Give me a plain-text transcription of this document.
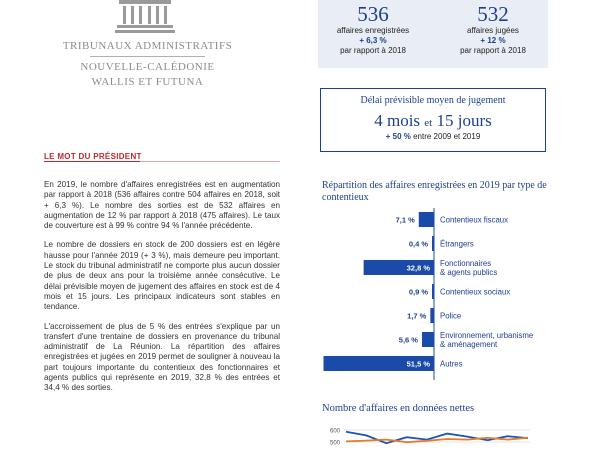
TRIBUNAUX ADMINISTRATIFS
NOUVELLE-CALÉDONIE
WALLIS ET FUTUNA
LE MOT DU PRÉSIDENT

En 2019, le nombre d'affaires enregistrées est en augmentation par rapport à 2018 (536 affaires contre 504 affaires en 2018, soit + 6,3 %). Le nombre des sorties est de 532 affaires en augmentation de 12 % par rapport à 2018 (475 affaires). Le taux de couverture est à 99 % contre 94 % l'année précédente.

Le nombre de dossiers en stock de 200 dossiers est en légère hausse pour l'année 2019 (+ 3 %), mais demeure peu important. Le stock du tribunal administratif ne comporte plus aucun dossier de plus de deux ans pour la troisième année consécutive. Le délai prévisible moyen de jugement des affaires en stock est de 4 mois et 15 jours. Les principaux indicateurs sont stables en tendance.

L'accroissement de plus de 5 % des entrées s'explique par un transfert d'une trentaine de dossiers en provenance du tribunal administratif de La Réunion. La répartition des affaires enregistrées et jugées en 2019 permet de souligner à nouveau la part toujours importante du contentieux des fonctionnaires et agents publics qui représente en 2019, 32,8 % des entrées et 34,4 % des sorties.

536
affaires enregistrées
+ 6,3 %
par rapport à 2018
532
affaires jugées
+ 12 %
par rapport à 2018
Délai prévisible moyen de jugement
4 mois et 15 jours
+ 50 % entre 2009 et 2019
Répartition des affaires enregistrées en 2019 par type de contentieux
7,1 %	Contentieux fiscaux
0,4 % Étrangers
32,8 % Fonctionnaires
& agents publics
0,9 % Contentieux sociaux
1,7 % Police
5,6 %	Environnement, urbanisme
& aménagement
51,5 % Autres
Nombre d'affaires en données nettes
600
500
